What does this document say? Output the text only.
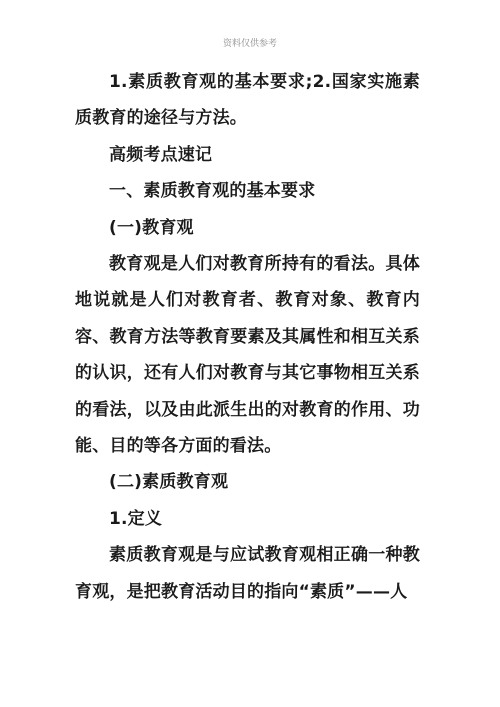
资料仅供参考

1.素质教育观的基本要求;2.国家实施素质教育的途径与方法。

高频考点速记

一、素质教育观的基本要求

(一)教育观

教育观是人们对教育所持有的看法。具体地说就是人们对教育者、教育对象、教育内容、教育方法等教育要素及其属性和相互关系的认识，还有人们对教育与其它事物相互关系的看法，以及由此派生出的对教育的作用、功能、目的等各方面的看法。

(二)素质教育观

1.定义

素质教育观是与应试教育观相正确一种教育观，是把教育活动目的指向“素质”——人
